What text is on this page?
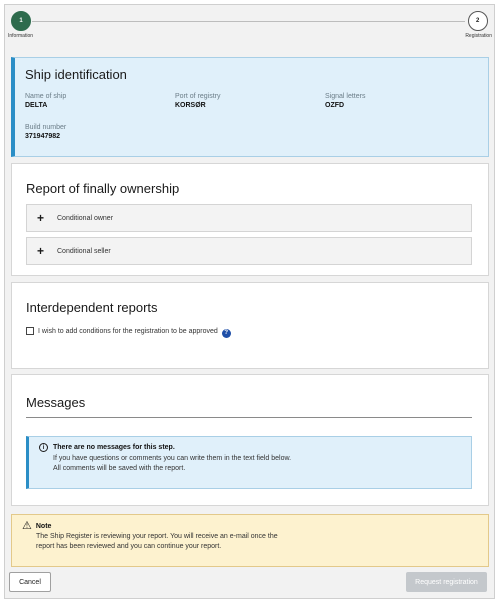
1
Information
2
Registration
Ship identification
Name of ship
DELTA
Port of registry
KORSØR
Signal letters
OZFD
Build number
371947982
Report of finally ownership
+	Conditional owner
+	Conditional seller
Interdependent reports
I wish to add conditions for the registration to be approved ?
Messages
i	There are no messages for this step.
If you have questions or comments you can write them in the text field below.
All comments will be saved with the report.
⚠ Note
The Ship Register is reviewing your report. You will receive an e-mail once the
report has been reviewed and you can continue your report.
Cancel	Request registration
